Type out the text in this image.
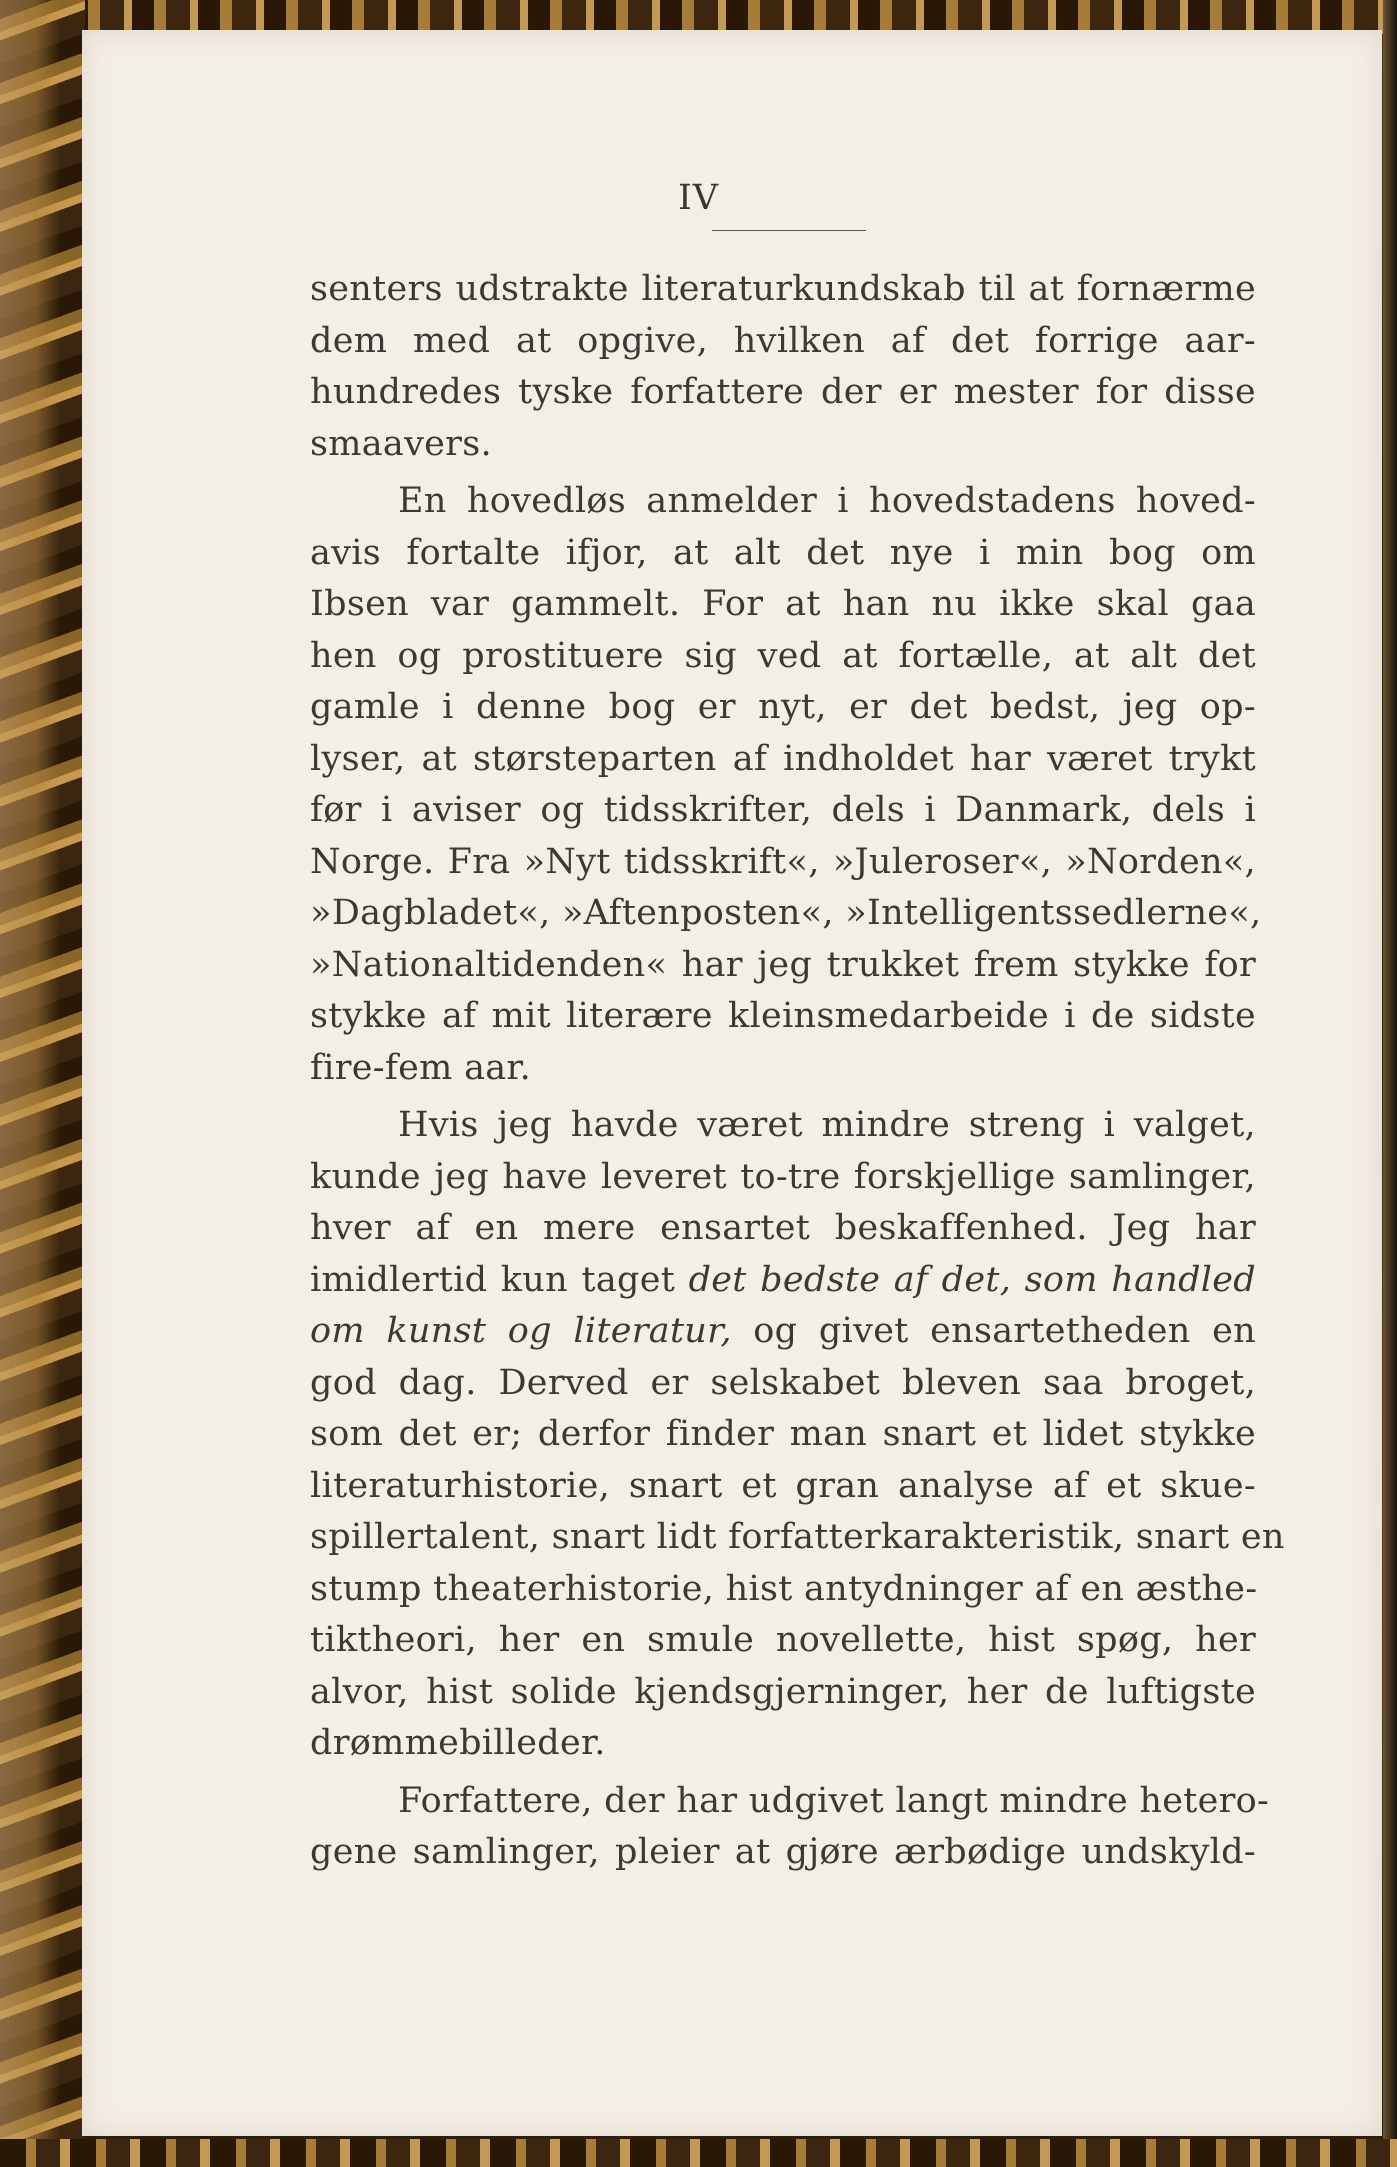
IV
senters udstrakte literaturkundskab til at fornærme
dem med at opgive, hvilken af det forrige aar-
hundredes tyske forfattere der er mester for disse
smaavers.
En hovedløs anmelder i hovedstadens hoved-
avis fortalte ifjor, at alt det nye i min bog om
Ibsen var gammelt. For at han nu ikke skal gaa
hen og prostituere sig ved at fortælle, at alt det
gamle i denne bog er nyt, er det bedst, jeg op-
lyser, at størsteparten af indholdet har været trykt
før i aviser og tidsskrifter, dels i Danmark, dels i
Norge. Fra »Nyt tidsskrift«, »Juleroser«, »Norden«,
»Dagbladet«, »Aftenposten«, »Intelligentssedlerne«,
»Nationaltidenden« har jeg trukket frem stykke for
stykke af mit literære kleinsmedarbeide i de sidste
fire-fem aar.
Hvis jeg havde været mindre streng i valget,
kunde jeg have leveret to-tre forskjellige samlinger,
hver af en mere ensartet beskaffenhed. Jeg har
imidlertid kun taget det bedste af det, som handled
om kunst og literatur, og givet ensartetheden en
god dag. Derved er selskabet bleven saa broget,
som det er; derfor finder man snart et lidet stykke
literaturhistorie, snart et gran analyse af et skue-
spillertalent, snart lidt forfatterkarakteristik, snart en
stump theaterhistorie, hist antydninger af en æsthe-
tiktheori, her en smule novellette, hist spøg, her
alvor, hist solide kjendsgjerninger, her de luftigste
drømmebilleder.
Forfattere, der har udgivet langt mindre hetero-
gene samlinger, pleier at gjøre ærbødige undskyld-
